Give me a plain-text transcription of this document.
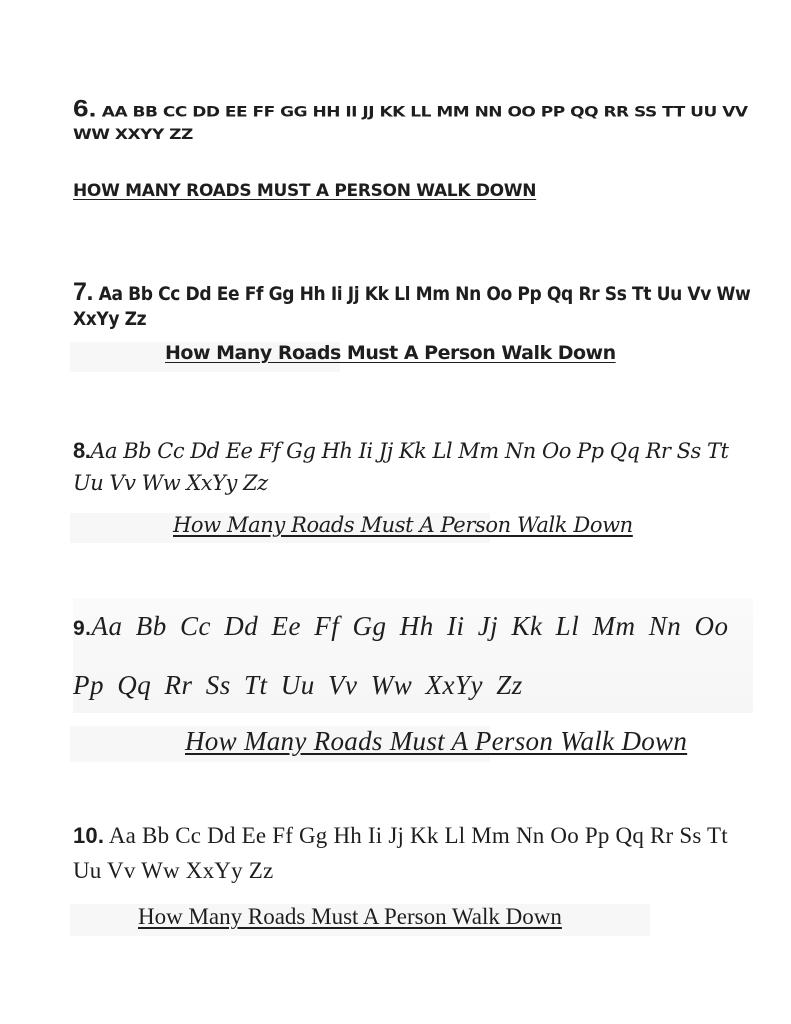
6. AA BB CC DD EE FF GG HH II JJ KK LL MM NN OO PP QQ RR SS TT UU VV WW XXYY ZZ

HOW MANY ROADS MUST A PERSON WALK DOWN

7. Aa Bb Cc Dd Ee Ff Gg Hh Ii Jj Kk Ll Mm Nn Oo Pp Qq Rr Ss Tt Uu Vv Ww XxYy Zz

How Many Roads Must A Person Walk Down

8.Aa Bb Cc Dd Ee Ff Gg Hh Ii Jj Kk Ll Mm Nn Oo Pp Qq Rr Ss Tt Uu Vv Ww XxYy Zz

How Many Roads Must A Person Walk Down

9.Aa Bb Cc Dd Ee Ff Gg Hh Ii Jj Kk Ll Mm Nn Oo Pp Qq Rr Ss Tt Uu Vv Ww XxYy Zz

How Many Roads Must A Person Walk Down

10. Aa Bb Cc Dd Ee Ff Gg Hh Ii Jj Kk Ll Mm Nn Oo Pp Qq Rr Ss Tt Uu Vv Ww XxYy Zz

How Many Roads Must A Person Walk Down
